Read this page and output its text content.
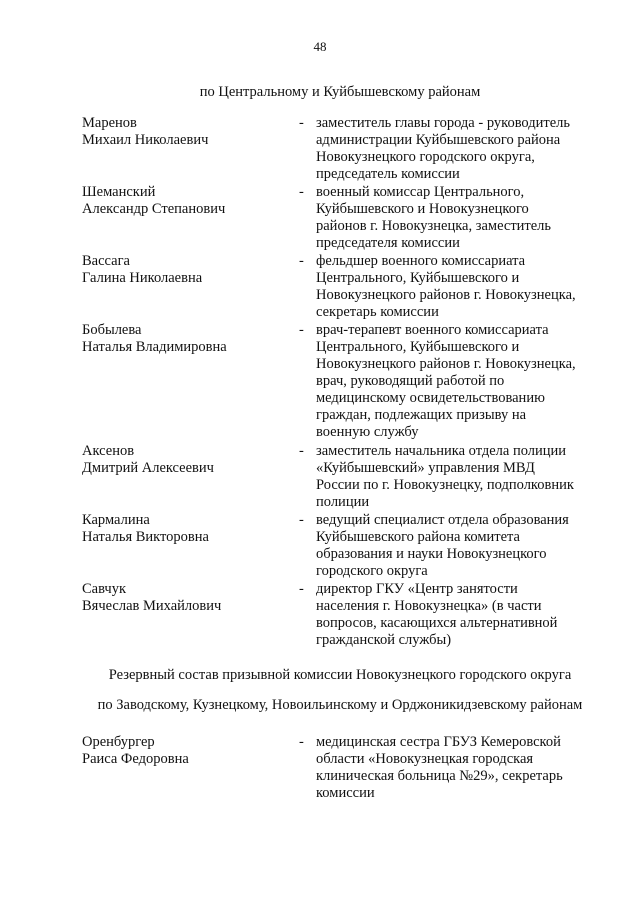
48
по Центральному и Куйбышевскому районам
Маренов
Михаил Николаевич
- заместитель главы города - руководитель
администрации Куйбышевского района
Новокузнецкого городского округа,
председатель комиссии
Шеманский
Александр Степанович
- военный комиссар Центрального,
Куйбышевского и Новокузнецкого
районов г. Новокузнецка, заместитель
председателя комиссии
Вассага
Галина Николаевна
- фельдшер военного комиссариата
Центрального, Куйбышевского и
Новокузнецкого районов г. Новокузнецка,
секретарь комиссии
Бобылева
Наталья Владимировна
- врач-терапевт военного комиссариата
Центрального, Куйбышевского и
Новокузнецкого районов г. Новокузнецка,
врач, руководящий работой по
медицинскому освидетельствованию
граждан, подлежащих призыву на
военную службу
Аксенов
Дмитрий Алексеевич
- заместитель начальника отдела полиции
«Куйбышевский» управления МВД
России по г. Новокузнецку, подполковник
полиции
Кармалина
Наталья Викторовна
- ведущий специалист отдела образования
Куйбышевского района комитета
образования и науки Новокузнецкого
городского округа
Савчук
Вячеслав Михайлович
- директор ГКУ «Центр занятости
населения г. Новокузнецка» (в части
вопросов, касающихся альтернативной
гражданской службы)
Резервный состав призывной комиссии Новокузнецкого городского округа
по Заводскому, Кузнецкому, Новоильинскому и Орджоникидзевскому районам
Оренбургер
Раиса Федоровна
- медицинская сестра ГБУЗ Кемеровской
области «Новокузнецкая городская
клиническая больница №29», секретарь
комиссии
